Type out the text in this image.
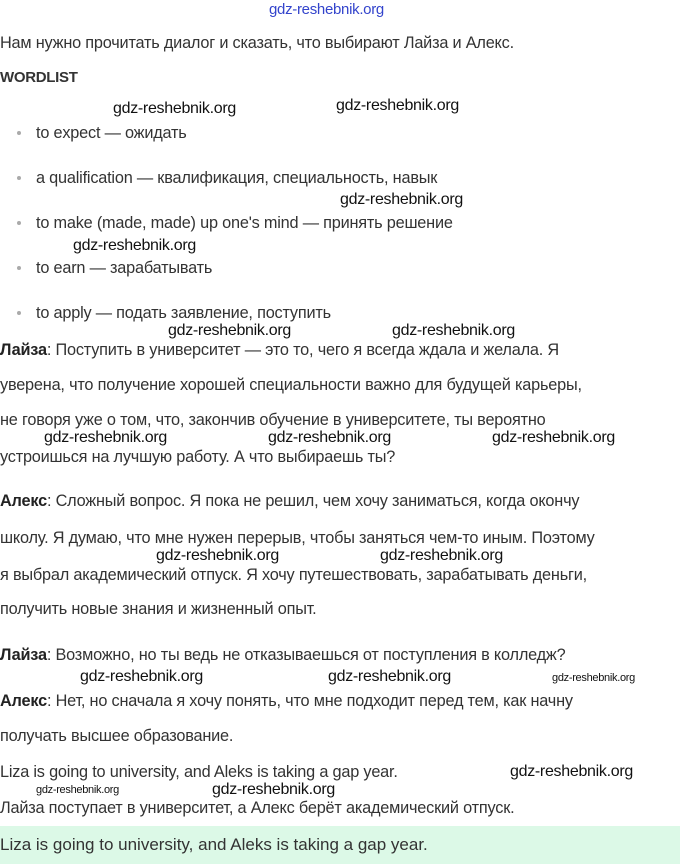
gdz-reshebnik.org
Нам нужно прочитать диалог и сказать, что выбирают Лайза и Алекс.
WORDLIST
to expect — ожидать
a qualification — квалификация, специальность, навык
to make (made, made) up one's mind — принять решение
to earn — зарабатывать
to apply — подать заявление, поступить
Лайза: Поступить в университет — это то, чего я всегда ждала и желала. Я
уверена, что получение хорошей специальности важно для будущей карьеры,
не говоря уже о том, что, закончив обучение в университете, ты вероятно
устроишься на лучшую работу. А что выбираешь ты?
Алекс: Сложный вопрос. Я пока не решил, чем хочу заниматься, когда окончу
школу. Я думаю, что мне нужен перерыв, чтобы заняться чем-то иным. Поэтому
я выбрал академический отпуск. Я хочу путешествовать, зарабатывать деньги,
получить новые знания и жизненный опыт.
Лайза: Возможно, но ты ведь не отказываешься от поступления в колледж?
Алекс: Нет, но сначала я хочу понять, что мне подходит перед тем, как начну
получать высшее образование.
Liza is going to university, and Aleks is taking a gap year.
Лайза поступает в университет, а Алекс берёт академический отпуск.
Liza is going to university, and Aleks is taking a gap year.
gdz-reshebnik.org	gdz-reshebnik.org
gdz-reshebnik.org
gdz-reshebnik.org
gdz-reshebnik.org
gdz-reshebnik.org
gdz-reshebnik.org	gdz-reshebnik.org	gdz-reshebnik.org
gdz-reshebnik.org	gdz-reshebnik.org
gdz-reshebnik.org	gdz-reshebnik.org	gdz-reshebnik.org
gdz-reshebnik.org
gdz-reshebnik.org
gdz-reshebnik.org
